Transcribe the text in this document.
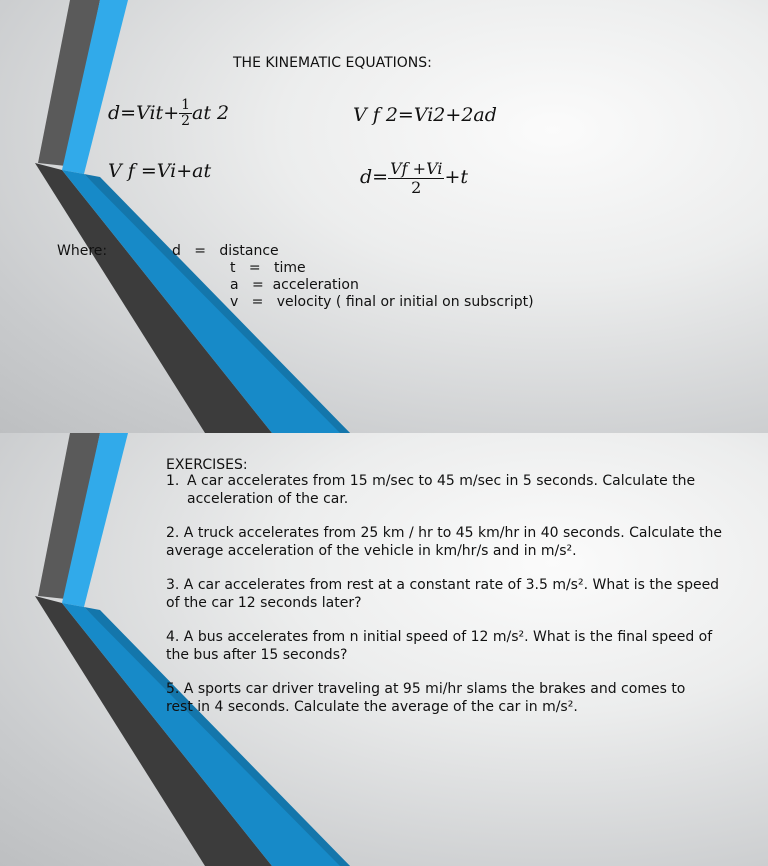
THE KINEMATIC EQUATIONS:
$d=Vit+ \frac{1}{2}$ at 2	V f 2=Vi2+2ad
V f =Vi+at	$d= \frac{Vf +Vi}{2} +t$
Where:	d = distance
t = time
a = acceleration
v = velocity ( final or initial on subscript)
EXERCISES:
1. A car accelerates from 15 m/sec to 45 m/sec in 5 seconds. Calculate the acceleration of the car.
2. A truck accelerates from 25 km / hr to 45 km/hr in 40 seconds. Calculate the average acceleration of the vehicle in km/hr/s and in m/s².
3. A car accelerates from rest at a constant rate of 3.5 m/s². What is the speed of the car 12 seconds later?
4. A bus accelerates from n initial speed of 12 m/s². What is the final speed of the bus after 15 seconds?
5. A sports car driver traveling at 95 mi/hr slams the brakes and comes to rest in 4 seconds. Calculate the average of the car in m/s².
